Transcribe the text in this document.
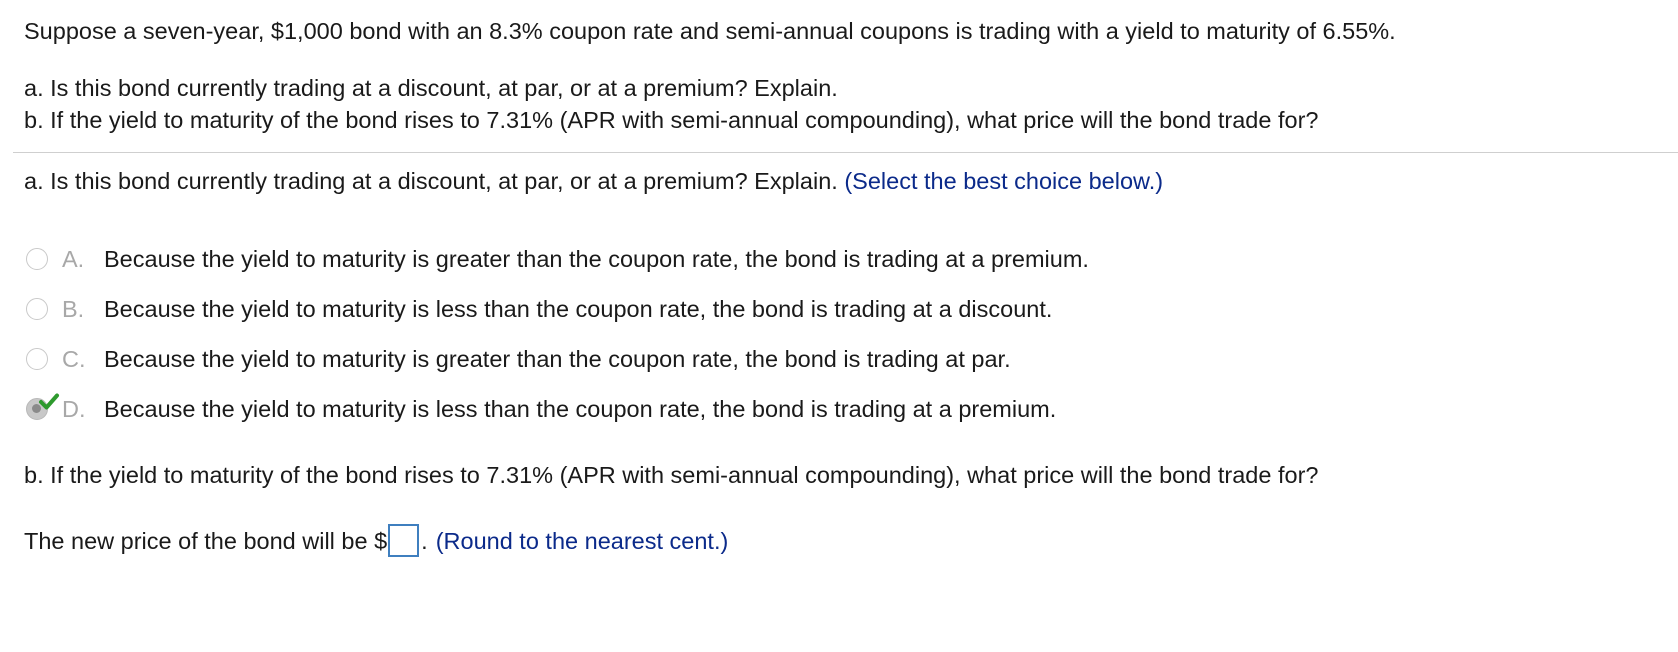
Suppose a seven-year, $1,000 bond with an 8.3% coupon rate and semi-annual coupons is trading with a yield to maturity of 6.55%.
a. Is this bond currently trading at a discount, at par, or at a premium? Explain.
b. If the yield to maturity of the bond rises to 7.31% (APR with semi-annual compounding), what price will the bond trade for?
a. Is this bond currently trading at a discount, at par, or at a premium? Explain. (Select the best choice below.)
A. Because the yield to maturity is greater than the coupon rate, the bond is trading at a premium.
B. Because the yield to maturity is less than the coupon rate, the bond is trading at a discount.
C. Because the yield to maturity is greater than the coupon rate, the bond is trading at par.
D. Because the yield to maturity is less than the coupon rate, the bond is trading at a premium.
b. If the yield to maturity of the bond rises to 7.31% (APR with semi-annual compounding), what price will the bond trade for?
The new price of the bond will be $ . (Round to the nearest cent.)
